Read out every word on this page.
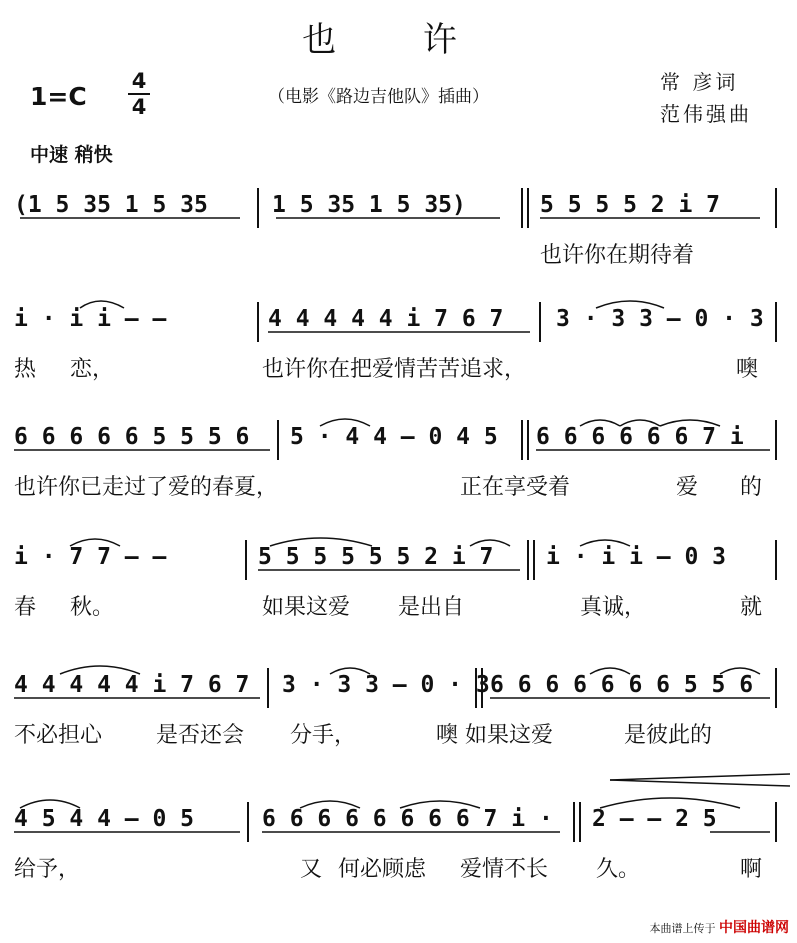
也 许
1=C
4
4	（电影《路边吉他队》插曲）
常 彦词
范伟强曲
中速 稍快
(1 5 35 1 5 35	1 5 35 1 5 35)	5 5 5 5 2 i 7
也许你在期待着
i · i i — —	4 4 4 4 4 i 7 6 7 3 · 3 3 — 0 · 3
热 恋，	也许你在把爱情苦苦追求，	噢
6 6 6 6 6 5 5 5 6 5 · 4 4 — 0 4 5 6 6 6 6 6 6 7 i
也许你已走过了爱的春夏，	正在享受着	爱 的
i · 7 7 — —	5 5 5 5 5 5 2 i 7 i · i i — 0 3
春 秋。	如果这爱 是出自	真诚，	就
4 4 4 4 4 i 7 6 7 3 · 3 3 — 0 · 3 6 6 6 6 6 6 6 5 5 6
不必担心 是否还会 分手，	噢 如果这爱	是彼此的
4 5 4 4 — 0 5	6 6 6 6 6 6 6 6 7 i · 2 — — 2 5
给予，	又 何必顾虑 爱情不长 久。	啊
本曲谱上传于 中国曲谱网
